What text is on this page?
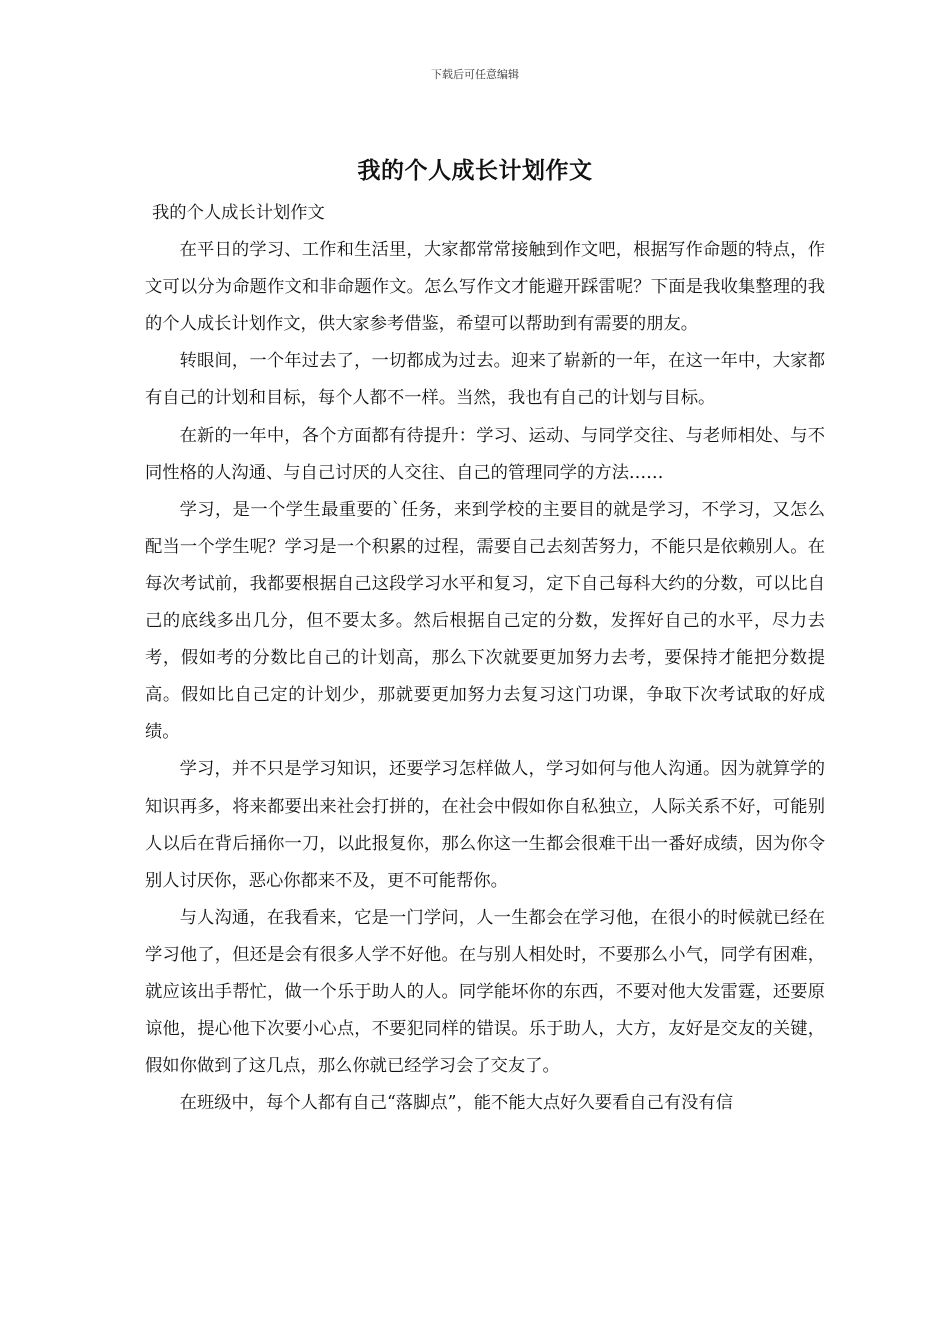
下载后可任意编辑
我的个人成长计划作文

我的个人成长计划作文

在平日的学习、工作和生活里，大家都常常接触到作文吧，根据写作命题的特点，作文可以分为命题作文和非命题作文。怎么写作文才能避开踩雷呢？下面是我收集整理的我的个人成长计划作文，供大家参考借鉴，希望可以帮助到有需要的朋友。

转眼间，一个年过去了，一切都成为过去。迎来了崭新的一年，在这一年中，大家都有自己的计划和目标，每个人都不一样。当然，我也有自己的计划与目标。

在新的一年中，各个方面都有待提升：学习、运动、与同学交往、与老师相处、与不同性格的人沟通、与自己讨厌的人交往、自己的管理同学的方法……

学习，是一个学生最重要的`任务，来到学校的主要目的就是学习，不学习，又怎么配当一个学生呢？学习是一个积累的过程，需要自己去刻苦努力，不能只是依赖别人。在每次考试前，我都要根据自己这段学习水平和复习，定下自己每科大约的分数，可以比自己的底线多出几分，但不要太多。然后根据自己定的分数，发挥好自己的水平，尽力去考，假如考的分数比自己的计划高，那么下次就要更加努力去考，要保持才能把分数提高。假如比自己定的计划少，那就要更加努力去复习这门功课，争取下次考试取的好成绩。

学习，并不只是学习知识，还要学习怎样做人，学习如何与他人沟通。因为就算学的知识再多，将来都要出来社会打拼的，在社会中假如你自私独立，人际关系不好，可能别人以后在背后捅你一刀，以此报复你，那么你这一生都会很难干出一番好成绩，因为你令别人讨厌你，恶心你都来不及，更不可能帮你。

与人沟通，在我看来，它是一门学问，人一生都会在学习他，在很小的时候就已经在学习他了，但还是会有很多人学不好他。在与别人相处时，不要那么小气，同学有困难，就应该出手帮忙，做一个乐于助人的人。同学能坏你的东西，不要对他大发雷霆，还要原谅他，提心他下次要小心点，不要犯同样的错误。乐于助人，大方，友好是交友的关键，假如你做到了这几点，那么你就已经学习会了交友了。

在班级中，每个人都有自己“落脚点”，能不能大点好久要看自己有没有信
